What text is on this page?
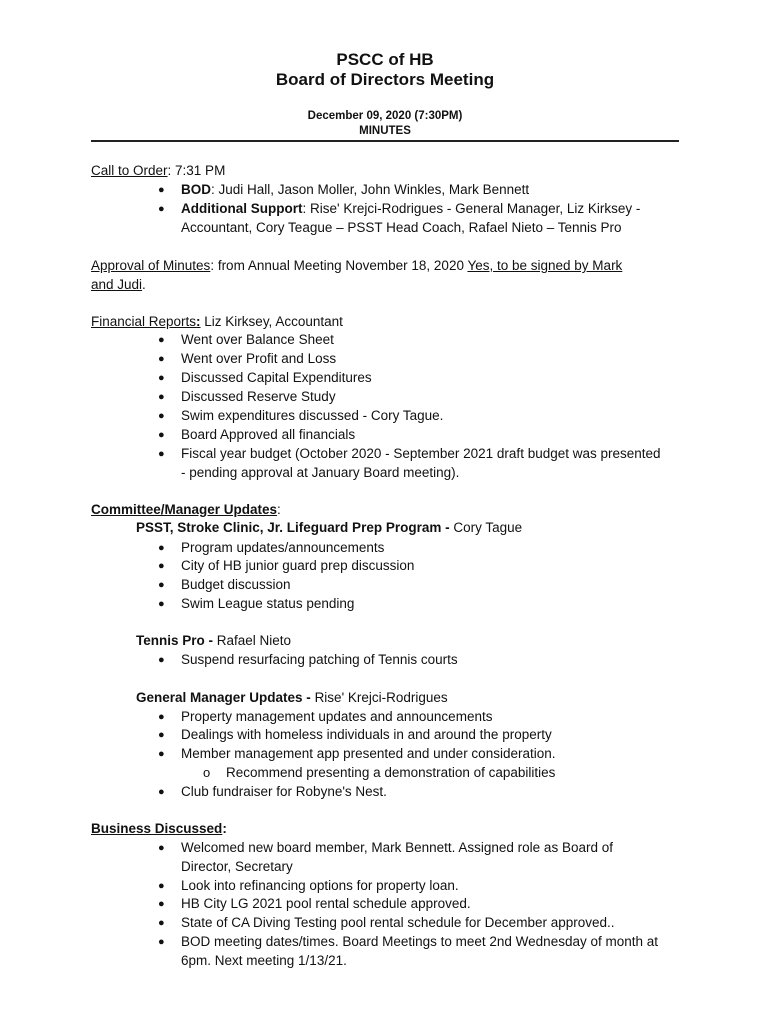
PSCC of HB
Board of Directors Meeting
December 09, 2020 (7:30PM)
MINUTES
Call to Order: 7:31 PM
● BOD: Judi Hall, Jason Moller, John Winkles, Mark Bennett
● Additional Support: Rise' Krejci-Rodrigues - General Manager, Liz Kirksey -
Accountant, Cory Teague – PSST Head Coach, Rafael Nieto – Tennis Pro
Approval of Minutes: from Annual Meeting November 18, 2020 Yes, to be signed by Mark
and Judi.
Financial Reports: Liz Kirksey, Accountant
● Went over Balance Sheet
● Went over Profit and Loss
● Discussed Capital Expenditures
● Discussed Reserve Study
● Swim expenditures discussed - Cory Tague.
● Board Approved all financials
● Fiscal year budget (October 2020 - September 2021 draft budget was presented
- pending approval at January Board meeting).
Committee/Manager Updates:
PSST, Stroke Clinic, Jr. Lifeguard Prep Program - Cory Tague
● Program updates/announcements
● City of HB junior guard prep discussion
● Budget discussion
● Swim League status pending
Tennis Pro - Rafael Nieto
● Suspend resurfacing patching of Tennis courts
General Manager Updates - Rise' Krejci-Rodrigues
● Property management updates and announcements
● Dealings with homeless individuals in and around the property
● Member management app presented and under consideration.
o Recommend presenting a demonstration of capabilities
● Club fundraiser for Robyne's Nest.
Business Discussed:
● Welcomed new board member, Mark Bennett. Assigned role as Board of
Director, Secretary
● Look into refinancing options for property loan.
● HB City LG 2021 pool rental schedule approved.
● State of CA Diving Testing pool rental schedule for December approved..
● BOD meeting dates/times. Board Meetings to meet 2nd Wednesday of month at
6pm. Next meeting 1/13/21.
